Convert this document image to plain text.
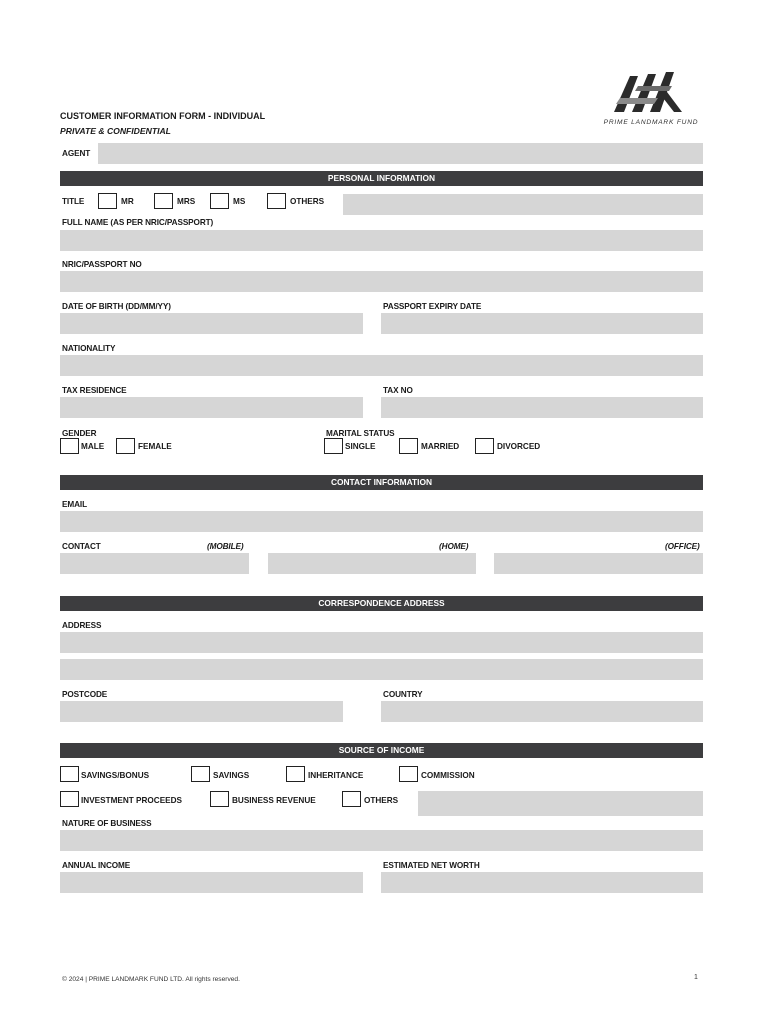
PRIME LANDMARK FUND
CUSTOMER INFORMATION FORM - INDIVIDUAL
PRIVATE & CONFIDENTIAL
AGENT
PERSONAL INFORMATION
TITLE	MR	MRS	MS	OTHERS
FULL NAME (AS PER NRIC/PASSPORT)
NRIC/PASSPORT NO
DATE OF BIRTH (DD/MM/YY)	PASSPORT EXPIRY DATE
NATIONALITY
TAX RESIDENCE	TAX NO
GENDER
MALE	FEMALE
MARITAL STATUS
SINGLE	MARRIED	DIVORCED
CONTACT INFORMATION
EMAIL
CONTACT	(MOBILE)	(HOME)	(OFFICE)
CORRESPONDENCE ADDRESS
ADDRESS
POSTCODE	COUNTRY
SOURCE OF INCOME
SAVINGS/BONUS	SAVINGS	INHERITANCE	COMMISSION
INVESTMENT PROCEEDS	BUSINESS REVENUE	OTHERS
NATURE OF BUSINESS
ANNUAL INCOME	ESTIMATED NET WORTH
© 2024 | PRIME LANDMARK FUND LTD. All rights reserved.	1
